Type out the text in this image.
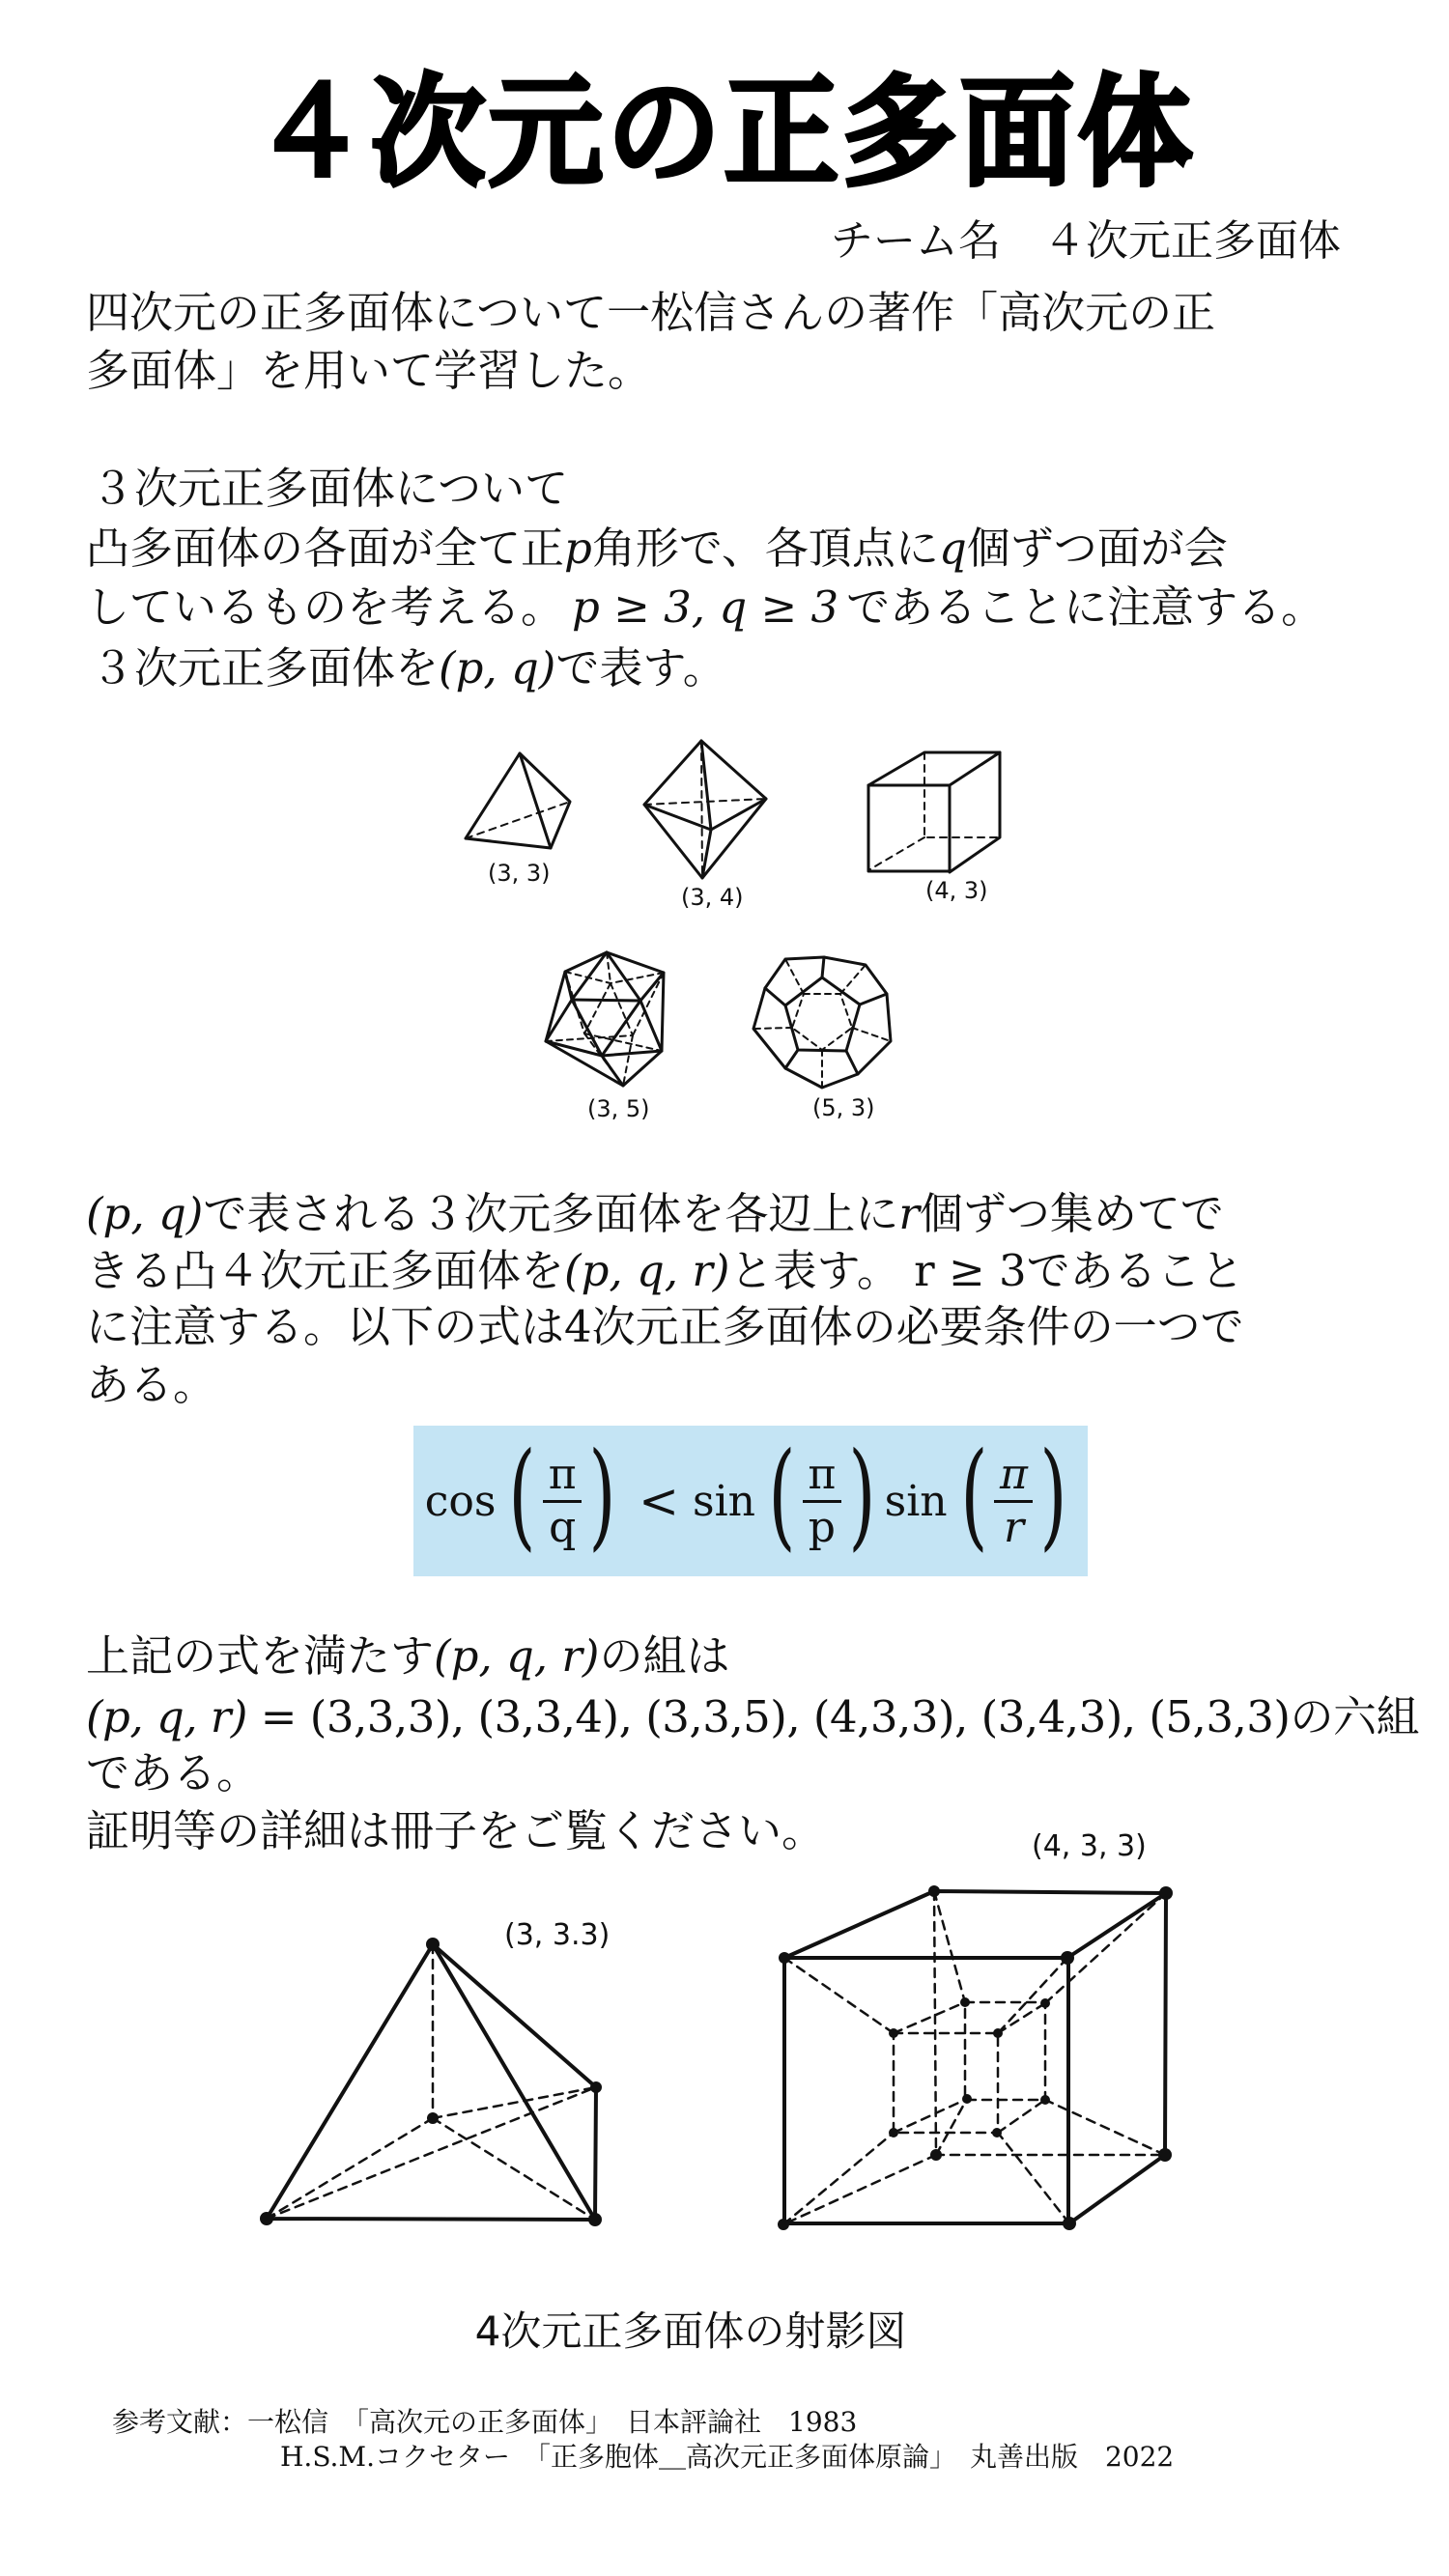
４次元の正多面体
チーム名　４次元正多面体
四次元の正多面体について一松信さんの著作「高次元の正
多面体」を用いて学習した。
３次元正多面体について
凸多面体の各面が全て正p角形で、各頂点にq個ずつ面が会
しているものを考える。 p ≥ 3, q ≥ 3 であることに注意する。
３次元正多面体を(p, q)で表す。
(3, 3)
(3, 4)	(4, 3)
(3, 5)	(5, 3)
(p, q)で表される３次元多面体を各辺上にr個ずつ集めてで
きる凸４次元正多面体を(p, q, r)と表す。 r ≥ 3であること
に注意する。以下の式は4次元正多面体の必要条件の一つで
ある。
cos ( $\frac{\pi}{q}$ ) < sin ( $\frac{\pi}{p}$ ) sin ( $\frac{\pi}{r}$ )
上記の式を満たす(p, q, r)の組は
(p, q, r) = (3,3,3), (3,3,4), (3,3,5), (4,3,3), (3,4,3), (5,3,3)の六組
である。
証明等の詳細は冊子をご覧ください。
(3, 3.3)
(4, 3, 3)
4次元正多面体の射影図
参考文献：一松信　「高次元の正多面体」　日本評論社　1983
H.S.M.コクセター　「正多胞体＿高次元正多面体原論」　丸善出版　2022
